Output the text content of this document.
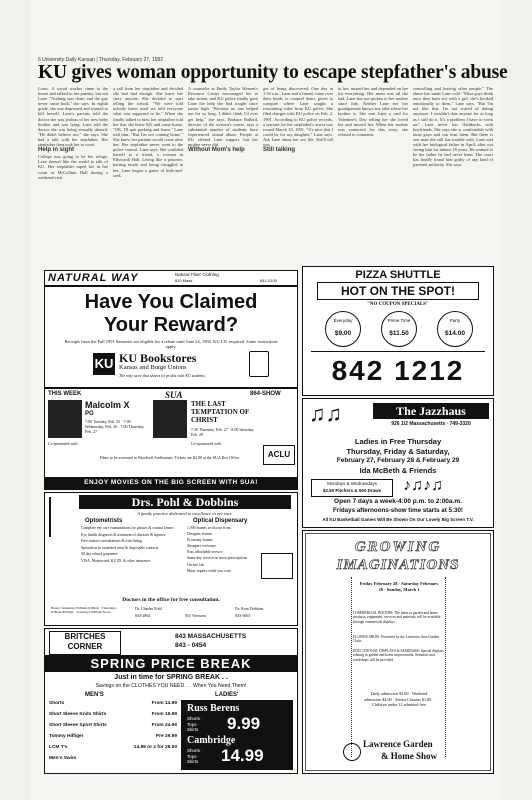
6 University Daily Kansan | Thursday, February 27, 1992
KU gives woman opportunity to escape stepfather's abuse

Louis. A social worker came to the house and talked to her parents, but not Lane. "Nothing was done, and the guy never came back," she says. In eighth grade, she was depressed and wanted to kill herself. Lane's parents told the doctor she was jealous of her new baby brother and was lying. Lane told the doctor she was being sexually abused. "He didn't believe me," she says. She had a talk with her stepfather. Her stepfather then took her to court.

Help in sight

College was going to be her refuge. Lane doesn't like the world to talk of KU. Her stepfather raped her in her room at McCollum Hall during a weekend visit.

a call from her stepfather and decided she had had enough. She knew her story anyone. She decided to start telling the school. "We were told nobody knew until we told everyone what was supposed to be." When she finally talked to him, her stepfather told her that she knew KU and came home. "OK, I'll quit packing and leave," Lane told him. "But I'm not coming home." She knew her parents would come after her. Her stepfather never went to the police control. Lane says. She confided herself to a friend, a woman in Ellsworth Hall. Living like a prisoner, hurting inside and being struggled in her. Lane began a game of hide-and-seek.

A counselor at Emily Taylor Women's Resource Center encouraged her to take action, and KU police finally gave Lane the help she had sought since junior high. "Because no one helped me for so long, I didn't think I'd ever get help," she says. Barbara Ballard, director of the women's center, says a substantial number of students have experienced sexual abuse. People at KU offered Lane support, but her mother never did.

Without Mom's help

get of being discovered. One day at 1:30 a.m., Lane and a friend, came over their heads to counsel them, given to compare where Lane sought a restraining order from KU police. She filed charges with KU police on Feb. 2, 1991. According to KU police records, a warrant for her stepfather's arrest was issued March 18, 1991. "It's nice that I could be for my daughter," Lane says. Ask Lane about her sex life. She'll tell you.

Still talking

to her, trusted her and depended on her for everything. Her mom was all she had. Lane has not spoken to her mother since July. Neither Lane nor her grandparents knows any idea where her brother is. She sent Lane a card for Valentine's Day telling her she loved her and missed her. When her mother was contacted for this story, she refused to comment.

controlling and hurting other people." The abuse has made Lane cold. "Most guys think once they have sex with a girl, she's hooked emotionally to them," Lane says. "But I'm not like that. I'm not scared of dating anymore. I wouldn't date anyone for as long as I still do it. It's a problem I have to work on." Lane never has flashbacks with boyfriends. She says she is comfortable with most guys and can trust them. But there is one man she still has trouble with. Lane met with her biological father in April, after not seeing him for almost 18 years. He wanted to be the father he had never been. The court has finally found him guilty of any kind of parental authority. She says.

NATURAL WAY	Natural Fiber Clothing
820 Mass	841-0100
Have You Claimed
Your Reward?
Receipts from the Fall 1991 Semester are eligible for a rebate until June 24, 1992. KU I.D. required. Some restrictions apply.
KU KU Bookstores
Kansas and Burge Unions
The only store that shares its profits with KU students
THIS WEEK	SUA	864-SHOW
Malcolm X
PG
7:00 Tuesday, Feb. 25 · 7:00 Wednesday, Feb. 26 · 7:00 Thursday, Feb. 27
Co-presented with
THE LAST TEMPTATION OF CHRIST
7:30 Thursday, Feb. 27 · 8:00 Saturday, Feb. 29
Co-sponsored with
ACLU
Films to be screened in Woodruff Auditorium. Tickets are $2.00 at the SUA Box Office.
ENJOY MOVIES ON THE BIG SCREEN WITH SUA!
Drs. Pohl & Dobbins
A family practice dedicated to excellence in eye care.
Optometrists	Optical Dispensary
Complete eye care examinations for glasses & contact lenses
Eye health diagnosis & treatment of diseases & injuries
Free contact consultations & trial fitting
Specialists in extended wear & disposable contacts
30 day refund guarantee
VISA, Mastercard, KU ID, & other insurance
1,000 frames to choose from
Designer frames
Economy frames
Shoppers welcome
Fast, affordable service
Same day service on most prescriptions
On-site lab
Many repairs while you wait
Doctors in the office for free consultation.
Hours: Weekdays 8:00am-6:00pm · Thursdays 8:00am-8:00pm · Saturdays 9:00am-Noon
Dr. Charles Pohl	Dr. Kent Dobbins
843-2864	831 Vermont	843-5665
BRITCHES
CORNER
843 MASSACHUSETTS
843 - 0454
SPRING PRICE BREAK
Just in time for SPRING BREAK . .
Savings on the CLOTHES YOU NEED. . . When You Need Them!
MEN'S	LADIES'
Shorts	From 14.99
Short Sleeve Knits Shirts	From 19.99
Short Sleeve Sport Shirts	From 24.99
Tommy Hilfiger	Pre 29.99
LCM T's	14.99 or 2 for 28.00
Men's Swim
Russ Berens
Shorts · Tops · Skirts	9.99
Cambridge
Shorts · Tops · Skirts	14.99
PIZZA SHUTTLE
HOT ON THE SPOT!
"NO COUPON SPECIALS"
Everyday
$9.00
Prime Time
$11.50
Party
$14.00
842 1212
♫♫	The Jazzhaus
926 1/2 Massachusetts · 749-3320
Ladies in Free Thursday
Thursday, Friday & Saturday,
February 27, February 28 & February 29
Ida McBeth & Friends
Mondays & Wednesdays
$2.50 Pitchers & 50¢ Draws	♪♫♪♫
Open 7 days a week-4:00 p.m. to 2:00a.m.
Fridays afternoons-show time starts at 5:30!
All KU Basketball Games Will Be Shown On Our Lovely Big Screen T.V.
GROWING
IMAGINATIONS
Friday February 28 · Saturday February 29 · Sunday, March 1
COMMERCIAL BOOTHS: The latest in garden and home products, equipment, services and materials will be available through commercial displays.
FLOWER SHOW: Presented by the Lawrence Area Garden Clubs.
EDUCATIONAL DISPLAYS & SEMINARS: Special displays relating to garden and home improvement. Seminars and workshops will be provided.
Daily admission $2.00 · Weekend admission $4.00 · Senior Citizens $1.00 · Children under 12 admitted free
Lawrence Garden
& Home Show
